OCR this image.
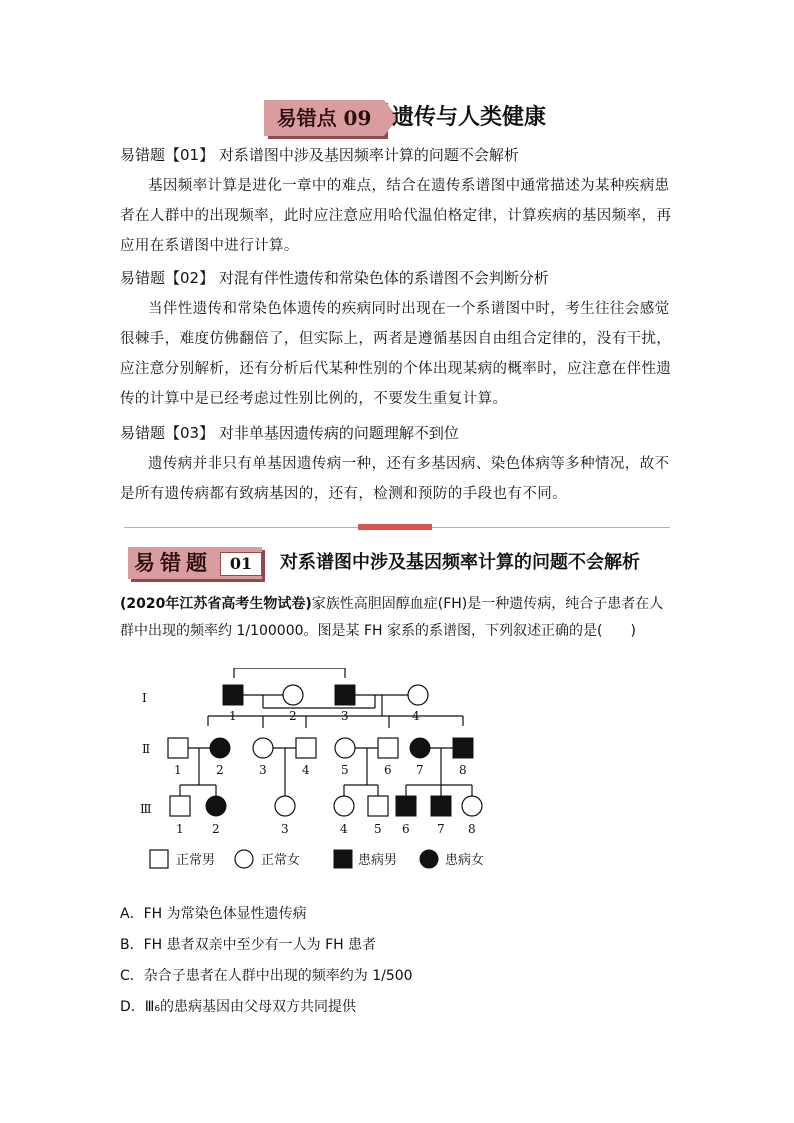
易错点 09 遗传与人类健康
易错题【01】 对系谱图中涉及基因频率计算的问题不会解析
基因频率计算是进化一章中的难点，结合在遗传系谱图中通常描述为某种疾病患者在人群中的出现频率，此时应注意应用哈代温伯格定律，计算疾病的基因频率，再应用在系谱图中进行计算。
易错题【02】 对混有伴性遗传和常染色体的系谱图不会判断分析
当伴性遗传和常染色体遗传的疾病同时出现在一个系谱图中时，考生往往会感觉很棘手，难度仿佛翻倍了，但实际上，两者是遵循基因自由组合定律的，没有干扰，应注意分别解析，还有分析后代某种性别的个体出现某病的概率时，应注意在伴性遗传的计算中是已经考虑过性别比例的，不要发生重复计算。
易错题【03】 对非单基因遗传病的问题理解不到位
遗传病并非只有单基因遗传病一种，还有多基因病、染色体病等多种情况，故不是所有遗传病都有致病基因的，还有，检测和预防的手段也有不同。
易错题	01	对系谱图中涉及基因频率计算的问题不会解析
(2020年江苏省高考生物试卷)家族性高胆固醇血症(FH)是一种遗传病，纯合子患者在人群中出现的频率约 1/100000。图是某 FH 家系的系谱图，下列叙述正确的是(　　)
Ⅰ
Ⅱ
Ⅲ
1	2	3	4
1	2	3	4	5	6 7	8
1 2	3	4 5 6 7 8
正常男	正常女	患病男	患病女
A．FH 为常染色体显性遗传病
B．FH 患者双亲中至少有一人为 FH 患者
C．杂合子患者在人群中出现的频率约为 1/500
D．Ⅲ₆的患病基因由父母双方共同提供
